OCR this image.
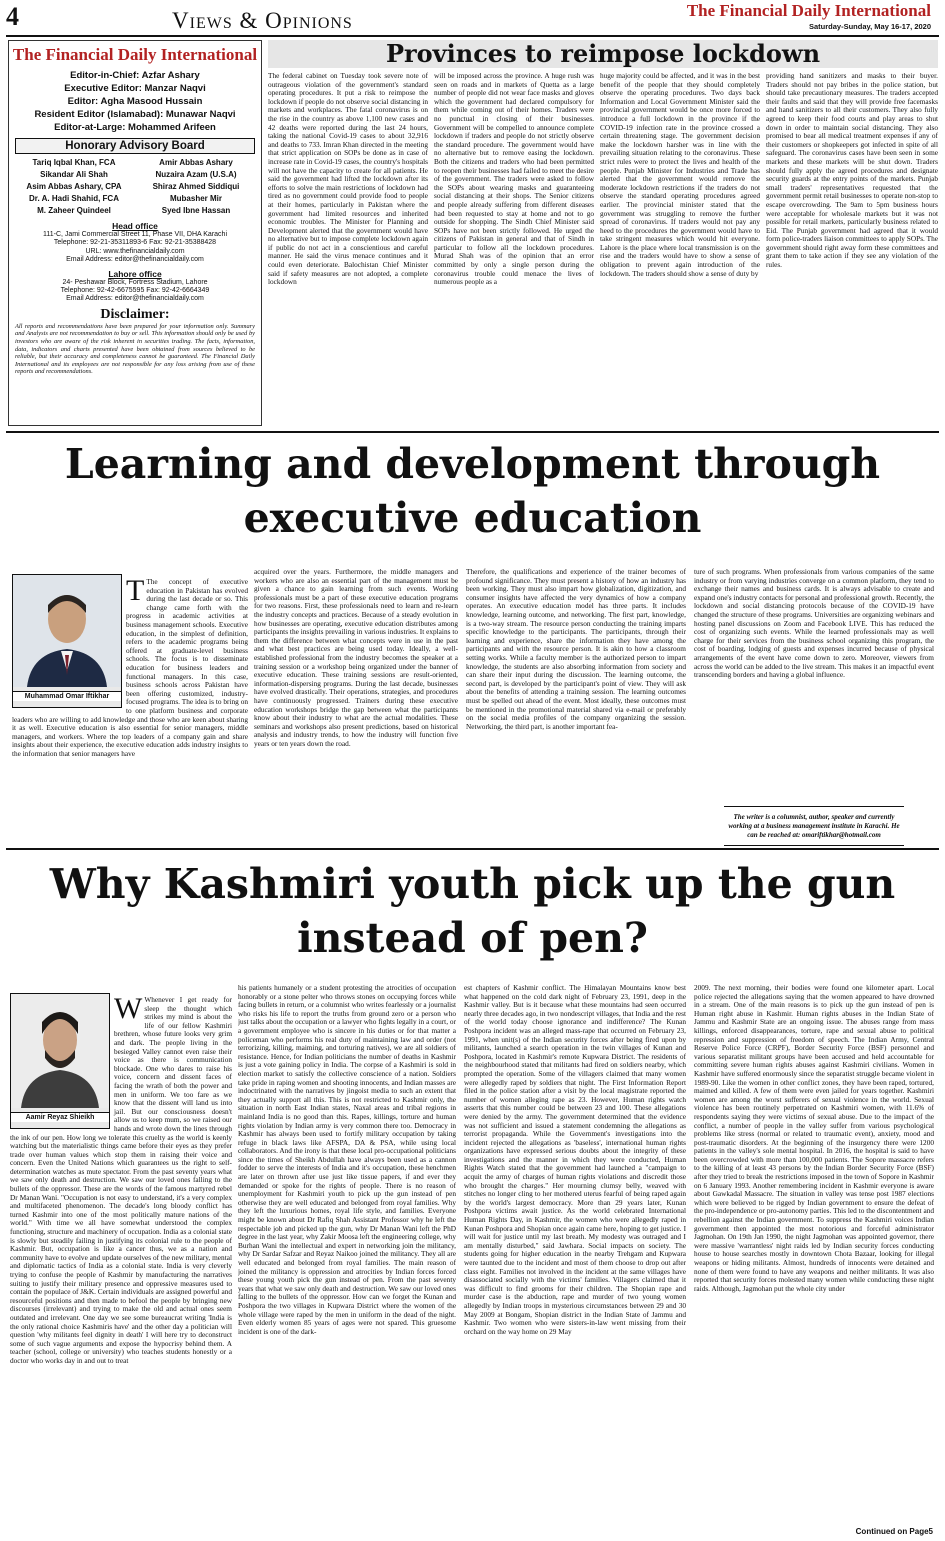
4	Views & Opinions	The Financial Daily International
Saturday-Sunday, May 16-17, 2020
The Financial Daily International
Editor-in-Chief: Azfar Ashary
Executive Editor: Manzar Naqvi
Editor: Agha Masood Hussain
Resident Editor (Islamabad): Munawar Naqvi
Editor-at-Large: Mohammed Arifeen
Honorary Advisory Board
Tariq Iqbal Khan, FCA	Amir Abbas Ashary
Sikandar Ali Shah	Nuzaira Azam (U.S.A)
Asim Abbas Ashary, CPA	Shiraz Ahmed Siddiqui
Dr. A. Hadi Shahid, FCA	Mubasher Mir
M. Zaheer Quindeel	Syed Ibne Hassan
Head office
111-C, Jami Commercial Street 11, Phase VII, DHA Karachi
Telephone: 92-21-35311893-6 Fax: 92-21-35388428
URL: www.thefinancialdaily.com
Email Address: editor@thefinancialdaily.com
Lahore office
24- Peshawar Block, Fortress Stadium, Lahore
Telephone: 92-42-6675595 Fax: 92-42-6664349
Email Address: editor@thefinancialdaily.com
Disclaimer:
All reports and recommendations have been prepared for your information only. Summary and Analysis are not recommendation to buy or sell. This information should only be used by investors who are aware of the risk inherent in securities trading. The facts, information, data, indicators and charts presented have been obtained from sources believed to be reliable, but their accuracy and completeness cannot be guaranteed. The Financial Daily International and its employees are not responsible for any loss arising from use of these reports and recommendations.
Provinces to reimpose lockdown
The federal cabinet on Tuesday took severe note of outrageous violation of the government's standard operating procedures. It put a risk to reimpose the lockdown if people do not observe social distancing in markets and workplaces. The fatal coronavirus is on the rise in the country as above 1,100 new cases and 42 deaths were reported during the last 24 hours, taking the national Covid-19 cases to about 32,916 and deaths to 733. Imran Khan directed in the meeting that strict application on SOPs be done as in case of increase rate in Covid-19 cases, the country's hospitals will not have the capacity to create for all patients. He said the government had lifted the lockdown after its efforts to solve the main restrictions of lockdown had tired as no government could provide food to people at their homes, particularly in Pakistan where the government had limited resources and inherited economic troubles. The Minister for Planning and Development alerted that the government would have no alternative but to impose complete lockdown again if public do not act in a conscientious and careful manner. He said the virus menace continues and it could even deteriorate. Balochistan Chief Minister said if safety measures are not adopted, a complete lockdown
will be imposed across the province. A huge rush was seen on roads and in markets of Quetta as a large number of people did not wear face masks and gloves which the government had declared compulsory for them while coming out of their homes. Traders were no punctual in closing of their businesses. Government will be compelled to announce complete lockdown if traders and people do not strictly observe the standard procedure. The government would have no alternative but to remove easing the lockdown. Both the citizens and traders who had been permitted to reopen their businesses had failed to meet the desire of the government. The traders were asked to follow the SOPs about wearing masks and guaranteeing social distancing at their shops. The Senior citizens and people already suffering from different diseases had been requested to stay at home and not to go outside for shopping. The Sindh Chief Minister said SOPs have not been strictly followed. He urged the citizens of Pakistan in general and that of Sindh in particular to follow all the lockdown procedures. Murad Shah was of the opinion that an error committed by only a single person during the coronavirus trouble could menace the lives of numerous people as a
huge majority could be affected, and it was in the best benefit of the people that they should completely observe the operating procedures. Two days back Information and Local Government Minister said the provincial government would be once more forced to introduce a full lockdown in the province if the COVID-19 infection rate in the province crossed a certain threatening stage. The government decision make the lockdown harsher was in line with the prevailing situation relating to the coronavirus. These strict rules were to protect the lives and health of the people. Punjab Minister for Industries and Trade has alerted that the government would remove the moderate lockdown restrictions if the traders do not observe the standard operating procedures agreed earlier. The provincial minister stated that the government was struggling to remove the further spread of coronavirus. If traders would not pay any heed to the procedures the government would have to take stringent measures which would hit everyone. Lahore is the place where local transmission is on the rise and the traders would have to show a sense of obligation to prevent again introduction of the lockdown. The traders should show a sense of duty by
providing hand sanitizers and masks to their buyer. Traders should not pay bribes in the police station, but should take precautionary measures. The traders accepted their faults and said that they will provide free facemasks and hand sanitizers to all their customers. They also fully agreed to keep their food courts and play areas to shut down in order to maintain social distancing. They also promised to bear all medical treatment expenses if any of their customers or shopkeepers got infected in spite of all safeguard. The coronavirus cases have been seen in some markets and these markets will be shut down. Traders should fully apply the agreed procedures and designate security guards at the entry points of the markets. Punjab small traders' representatives requested that the government permit retail businesses to operate non-stop to escape overcrowding. The 9am to 5pm business hours were acceptable for wholesale markets but it was not possible for retail markets, particularly business related to Eid. The Punjab government had agreed that it would form police-traders liaison committees to apply SOPs. The government should right away form these committees and grant them to take action if they see any violation of the rules.
Learning and development through executive education
Muhammad Omar Iftikhar
T The concept of executive education in Pakistan has evolved during the last decade or so. This change came forth with the progress in academic activities at business management schools. Executive education, in the simplest of definition, refers to the academic programs being offered at graduate-level business schools. The focus is to disseminate education for business leaders and functional managers. In this case, business schools across Pakistan have been offering customized, industry-focused programs. The idea is to bring on to one platform business and corporate leaders who are willing to add knowledge and those who are keen about sharing it as well. Executive education is also essential for senior managers, middle managers, and workers. Where the top leaders of a company gain and share insights about their experience, the executive education adds industry insights to the information that senior managers have
acquired over the years. Furthermore, the middle managers and workers who are also an essential part of the management must be given a chance to gain learning from such events. Working professionals must be a part of these executive education programs for two reasons. First, these professionals need to learn and re-learn the industry concepts and practices. Because of a steady evolution in how businesses are operating, executive education distributes among participants the insights prevailing in various industries. It explains to them the difference between what concepts were in use in the past and what best practices are being used today. Ideally, a well-established professional from the industry becomes the speaker at a training session or a workshop being organized under the banner of executive education. These training sessions are result-oriented, information-dispersing programs. During the last decade, businesses have evolved drastically. Their operations, strategies, and procedures have continuously progressed. Trainers during these executive education workshops bridge the gap between what the participants know about their industry to what are the actual modalities. These seminars and workshops also present predictions, based on historical analysis and industry trends, to how the industry will function five years or ten years down the road.
Therefore, the qualifications and experience of the trainer becomes of profound significance. They must present a history of how an industry has been working. They must also impart how globalization, digitization, and consumer insights have affected the very dynamics of how a company operates. An executive education model has three parts. It includes knowledge, learning outcome, and networking. The first part, knowledge, is a two-way stream. The resource person conducting the training imparts specific knowledge to the participants. The participants, through their learning and experience, share the information they have among the participants and with the resource person. It is akin to how a classroom setting works. While a faculty member is the authorized person to impart knowledge, the students are also absorbing information from society and can share their input during the discussion. The learning outcome, the second part, is developed by the participant's point of view. They will ask about the benefits of attending a training session. The learning outcomes must be spelled out ahead of the event. Most ideally, these outcomes must be mentioned in the promotional material shared via e-mail or preferably on the social media profiles of the company organizing the session. Networking, the third part, is another important fea-
ture of such programs. When professionals from various companies of the same industry or from varying industries converge on a common platform, they tend to exchange their names and business cards. It is always advisable to create and expand one's industry contacts for personal and professional growth. Recently, the lockdown and social distancing protocols because of the COVID-19 have changed the structure of these programs. Universities are organizing webinars and hosting panel discussions on Zoom and Facebook LIVE. This has reduced the cost of organizing such events. While the learned professionals may as well charge for their services from the business school organizing this program, the cost of boarding, lodging of guests and expenses incurred because of physical arrangements of the event have come down to zero. Moreover, viewers from across the world can be added to the live stream. This makes it an impactful event transcending borders and having a global influence.
The writer is a columnist, author, speaker and currently working at a business management institute in Karachi. He can be reached at: omariftikhar@hotmail.com
Why Kashmiri youth pick up the gun instead of pen?
Aamir Reyaz Shieikh
W Whenever I get ready for sleep the thought which strikes my mind is about the life of our fellow Kashmiri brethren, whose future looks very grim and dark. The people living in the besieged Valley cannot even raise their voice as there is communication blockade. One who dares to raise his voice, concern and dissent faces of facing the wrath of both the power and men in uniform. We too fare as we know that the dissent will land us into jail. But our consciousness doesn't allow us to keep mum, so we raised our hands and wrote down the lines through the ink of our pen. How long we tolerate this cruelty as the world is keenly watching but the materialistic things came before their eyes as they prefer trade over human values which stop them in raising their voice and concern. Even the United Nations which guarantees us the right to self-determination watches as mute spectator. From the past seventy years what we saw only death and destruction. We saw our loved ones falling to the bullets of the oppressor. These are the words of the famous martyred rebel Dr Manan Wani. "Occupation is not easy to understand, it's a very complex and multifaceted phenomenon. The decade's long bloody conflict has turned Kashmir into one of the most politically mature nations of the world." With time we all have somewhat understood the complex functioning, structure and machinery of occupation. India as a colonial state is slowly but steadily failing in justifying its colonial rule to the people of Kashmir. But, occupation is like a cancer thus, we as a nation and community have to evolve and update ourselves of the new military, mental and diplomatic tactics of India as a colonial state. India is very cleverly trying to confuse the people of Kashmir by manufacturing the narratives suiting to justify their military presence and oppressive measures used to contain the populace of J&K. Certain individuals are assigned powerful and resourceful positions and then made to befool the people by bringing new discourses (irrelevant) and trying to make the old and actual ones seem outdated and irrelevant. One day we see some bureaucrat writing 'India is the only rational choice Kashmiris have' and the other day a politician will question 'why militants feel dignity in death' I will here try to deconstruct some of such vague arguments and expose the hypocrisy behind them. A teacher (school, college or university) who teaches students honestly or a doctor who works day in and out to treat
his patients humanely or a student protesting the atrocities of occupation honorably or a stone pelter who throws stones on occupying forces while facing bullets in return, or a columnist who writes fearlessly or a journalist who risks his life to report the truths from ground zero or a person who just talks about the occupation or a lawyer who fights legally in a court, or a government employee who is sincere in his duties or for that matter a policeman who performs his real duty of maintaining law and order (not terrorizing, killing, maiming, and torturing natives), we are all soldiers of resistance. Hence, for Indian politicians the number of deaths in Kashmir is just a vote gaining policy in India. The corpse of a Kashmiri is sold in election market to satisfy the collective conscience of a nation. Soldiers take pride in raping women and shooting innocents, and Indian masses are indoctrinated with the narratives by jingoist media to such an extent that they actually support all this. This is not restricted to Kashmir only, the situation in north East Indian states, Naxal areas and tribal regions in mainland India is no good than this. Rapes, killings, torture and human rights violation by Indian army is very common there too. Democracy in Kashmir has always been used to fortify military occupation by taking refuge in black laws like AFSPA, DA & PSA, while using local collaborators. And the irony is that these local pro-occupational politicians since the times of Sheikh Abdullah have always been used as a cannon fodder to serve the interests of India and it's occupation, these henchmen are later on thrown after use just like tissue papers, if and ever they demanded or spoke for the rights of people. There is no reason of unemployment for Kashmiri youth to pick up the gun instead of pen otherwise they are well educated and belonged from royal families. Why they left the luxurious homes, royal life style, and families. Everyone might be known about Dr Rafiq Shah Assistant Professor why he left the respectable job and picked up the gun, why Dr Manan Wani left the PhD degree in the last year, why Zakir Moosa left the engineering college, why Burhan Wani the intellectual and expert in networking join the militancy, why Dr Sardar Safzar and Reyaz Naikoo joined the militancy. They all are well educated and belonged from royal families. The main reason of joined the militancy is oppression and atrocities by Indian forces forced these young youth pick the gun instead of pen. From the past seventy years that what we saw only death and destruction. We saw our loved ones falling to the bullets of the oppressor. How can we forget the Kunan and Poshpora the two villages in Kupwara District where the women of the whole village were raped by the men in uniform in the dead of the night. Even elderly women 85 years of ages were not spared. This gruesome incident is one of the dark-
est chapters of Kashmir conflict. The Himalayan Mountains know best what happened on the cold dark night of February 23, 1991, deep in the Kashmir valley. But is it because what these mountains had seen occurred nearly three decades ago, in two nondescript villages, that India and the rest of the world today choose ignorance and indifference? The Kunan Poshpora incident was an alleged mass-rape that occurred on February 23, 1991, when unit(s) of the Indian security forces after being fired upon by militants, launched a search operation in the twin villages of Kunan and Poshpora, located in Kashmir's remote Kupwara District. The residents of the neighbourhood stated that militants had fired on soldiers nearby, which prompted the operation. Some of the villagers claimed that many women were allegedly raped by soldiers that night. The First Information Report filed in the police station after a visit by the local magistrate reported the number of women alleging rape as 23. However, Human rights watch asserts that this number could be between 23 and 100. These allegations were denied by the army. The government determined that the evidence was not sufficient and issued a statement condemning the allegations as terrorist propaganda. While the Government's investigations into the incident rejected the allegations as 'baseless', international human rights organizations have expressed serious doubts about the integrity of these investigations and the manner in which they were conducted, Human Rights Watch stated that the government had launched a "campaign to acquit the army of charges of human rights violations and discredit those who brought the charges." Her mourning clumsy belly, weaved with stitches no longer cling to her mothered uterus fearful of being raped again by the world's largest democracy. More than 29 years later, Kunan Poshpora victims await justice. As the world celebrated International Human Rights Day, in Kashmir, the women who were allegedly raped in Kunan Poshpora and Shopian once again came here, hoping to get justice. I will wait for justice until my last breath. My modesty was outraged and I am mentally disturbed," said Jawhara. Social impacts on society. The students going for higher education in the nearby Trehgam and Kupwara were taunted due to the incident and most of them choose to drop out after class eight. Families not involved in the incident at the same villages have disassociated socially with the victims' families. Villagers claimed that it was difficult to find grooms for their children. The Shopian rape and murder case is the abduction, rape and murder of two young women allegedly by Indian troops in mysterious circumstances between 29 and 30 May 2009 at Bongam, Shopian district in the Indian State of Jammu and Kashmir. Two women who were sisters-in-law went missing from their orchard on the way home on 29 May
2009. The next morning, their bodies were found one kilometer apart. Local police rejected the allegations saying that the women appeared to have drowned in a stream. One of the main reasons is to pick up the gun instead of pen is Human right abuse in Kashmir. Human rights abuses in the Indian State of Jammu and Kashmir State are an ongoing issue. The abuses range from mass killings, enforced disappearances, torture, rape and sexual abuse to political repression and suppression of freedom of speech. The Indian Army, Central Reserve Police Force (CRPF), Border Security Force (BSF) personnel and various separatist militant groups have been accused and held accountable for committing severe human rights abuses against Kashmiri civilians. Women in Kashmir have suffered enormously since the separatist struggle became violent in 1989-90. Like the women in other conflict zones, they have been raped, tortured, maimed and killed. A few of them were even jailed for years together. Kashmiri women are among the worst sufferers of sexual violence in the world. Sexual violence has been routinely perpetrated on Kashmiri women, with 11.6% of respondents saying they were victims of sexual abuse. Due to the impact of the conflict, a number of people in the valley suffer from various psychological problems like stress (normal or related to traumatic event), anxiety, mood and post-traumatic disorders. At the beginning of the insurgency there were 1200 patients in the valley's sole mental hospital. In 2016, the hospital is said to have been overcrowded with more than 100,000 patients. The Sopore massacre refers to the killing of at least 43 persons by the Indian Border Security Force (BSF) after they tried to break the restrictions imposed in the town of Sopore in Kashmir on 6 January 1993. Another remembering incident in Kashmir everyone is aware about Gawkadal Massacre. The situation in valley was tense post 1987 elections which were believed to be rigged by Indian government to ensure the defeat of the pro-independence or pro-autonomy parties. This led to the discontentment and rebellion against the Indian government. To suppress the Kashmiri voices Indian government then appointed the most notorious and forceful administrator Jagmohan. On 19th Jan 1990, the night Jagmohan was appointed governor, there were massive 'warrantless' night raids led by Indian security forces conducting house to house searches mostly in downtown Chota Bazaar, looking for illegal weapons or hiding militants. Almost, hundreds of innocents were detained and none of them were found to have any weapons and neither militants. It was also reported that security forces molested many women while conducting these night raids. Although, Jagmohan put the whole city under
Continued on Page5
